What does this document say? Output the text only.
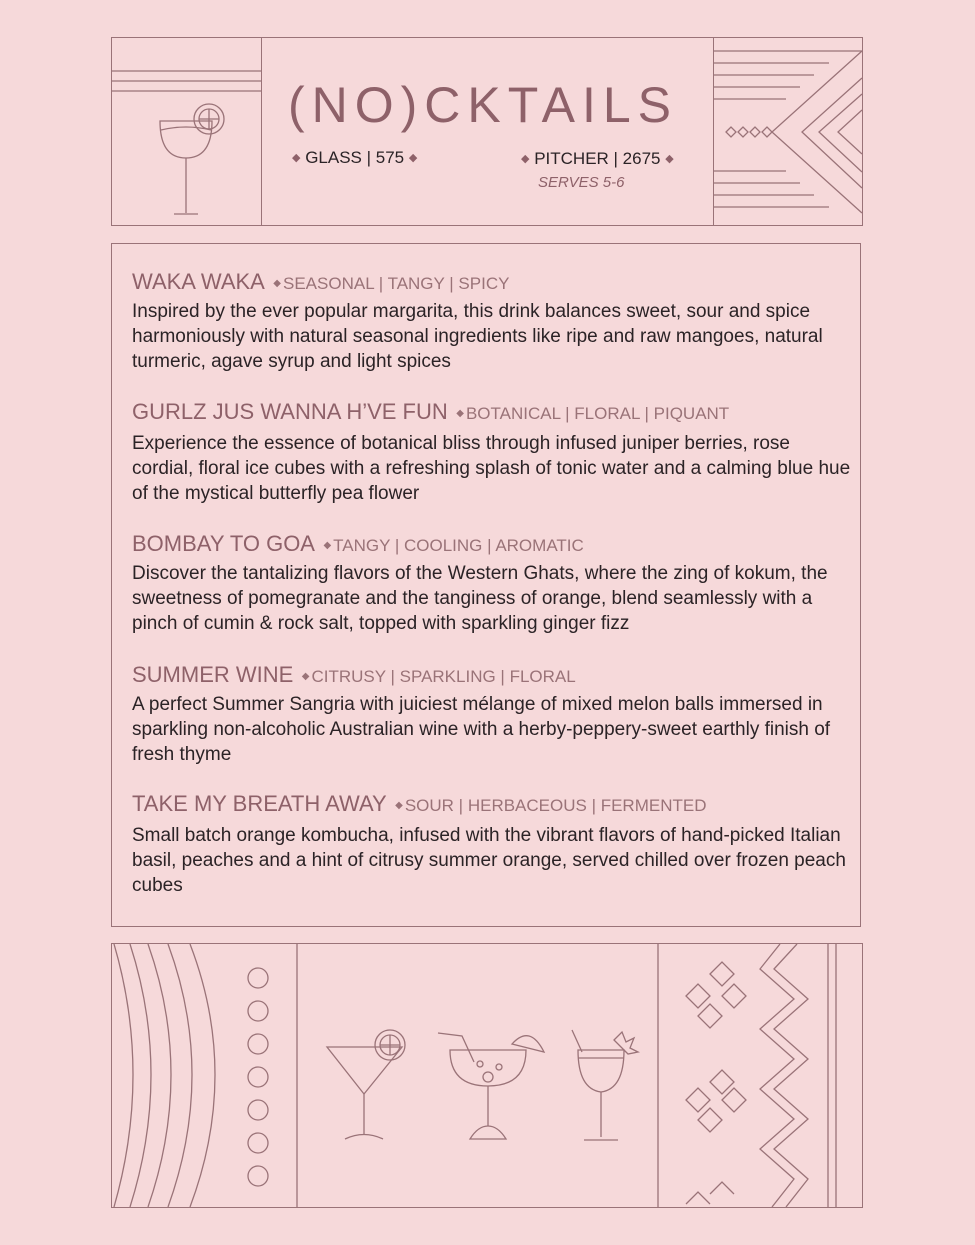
(NO)CKTAILS
◆ GLASS | 575 ◆	◆ PITCHER | 2675 ◆
SERVES 5-6
WAKA WAKA ◆ SEASONAL | TANGY | SPICY
Inspired by the ever popular margarita, this drink balances sweet, sour and spice harmoniously with natural seasonal ingredients like ripe and raw mangoes, natural turmeric, agave syrup and light spices
GURLZ JUS WANNA H’VE FUN ◆ BOTANICAL | FLORAL | PIQUANT
Experience the essence of botanical bliss through infused juniper berries, rose cordial, floral ice cubes with a refreshing splash of tonic water and a calming blue hue of the mystical butterfly pea flower
BOMBAY TO GOA ◆ TANGY | COOLING | AROMATIC
Discover the tantalizing flavors of the Western Ghats, where the zing of kokum, the sweetness of pomegranate and the tanginess of orange, blend seamlessly with a pinch of cumin & rock salt, topped with sparkling ginger fizz
SUMMER WINE ◆ CITRUSY | SPARKLING | FLORAL
A perfect Summer Sangria with juiciest mélange of mixed melon balls immersed in sparkling non-alcoholic Australian wine with a herby-peppery-sweet earthly finish of fresh thyme
TAKE MY BREATH AWAY ◆ SOUR | HERBACEOUS | FERMENTED
Small batch orange kombucha, infused with the vibrant flavors of hand-picked Italian basil, peaches and a hint of citrusy summer orange, served chilled over frozen peach cubes
